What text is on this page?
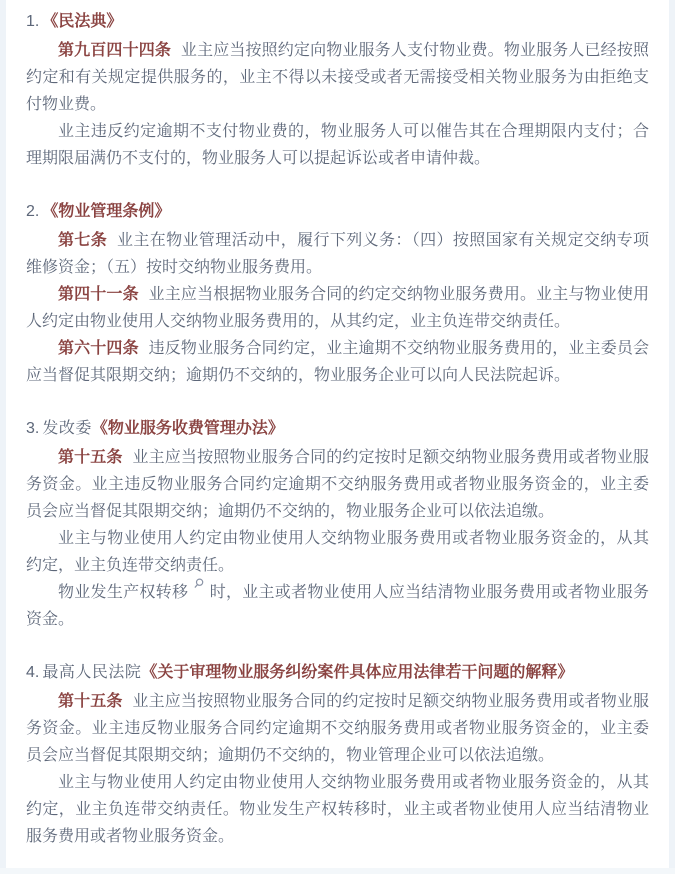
1. 《民法典》

第九百四十四条 业主应当按照约定向物业服务人支付物业费。物业服务人已经按照约定和有关规定提供服务的，业主不得以未接受或者无需接受相关物业服务为由拒绝支付物业费。

业主违反约定逾期不支付物业费的，物业服务人可以催告其在合理期限内支付；合理期限届满仍不支付的，物业服务人可以提起诉讼或者申请仲裁。

2. 《物业管理条例》

第七条 业主在物业管理活动中，履行下列义务：（四）按照国家有关规定交纳专项维修资金；（五）按时交纳物业服务费用。

第四十一条 业主应当根据物业服务合同的约定交纳物业服务费用。业主与物业使用人约定由物业使用人交纳物业服务费用的，从其约定，业主负连带交纳责任。

第六十四条 违反物业服务合同约定，业主逾期不交纳物业服务费用的，业主委员会应当督促其限期交纳；逾期仍不交纳的，物业服务企业可以向人民法院起诉。

3. 发改委《物业服务收费管理办法》

第十五条 业主应当按照物业服务合同的约定按时足额交纳物业服务费用或者物业服务资金。业主违反物业服务合同约定逾期不交纳服务费用或者物业服务资金的，业主委员会应当督促其限期交纳；逾期仍不交纳的，物业服务企业可以依法追缴。

业主与物业使用人约定由物业使用人交纳物业服务费用或者物业服务资金的，从其约定，业主负连带交纳责任。

物业发生产权转移 时，业主或者物业使用人应当结清物业服务费用或者物业服务资金。

4. 最高人民法院《关于审理物业服务纠纷案件具体应用法律若干问题的解释》

第十五条 业主应当按照物业服务合同的约定按时足额交纳物业服务费用或者物业服务资金。业主违反物业服务合同约定逾期不交纳服务费用或者物业服务资金的，业主委员会应当督促其限期交纳；逾期仍不交纳的，物业管理企业可以依法追缴。

业主与物业使用人约定由物业使用人交纳物业服务费用或者物业服务资金的，从其约定，业主负连带交纳责任。物业发生产权转移时，业主或者物业使用人应当结清物业服务费用或者物业服务资金。
